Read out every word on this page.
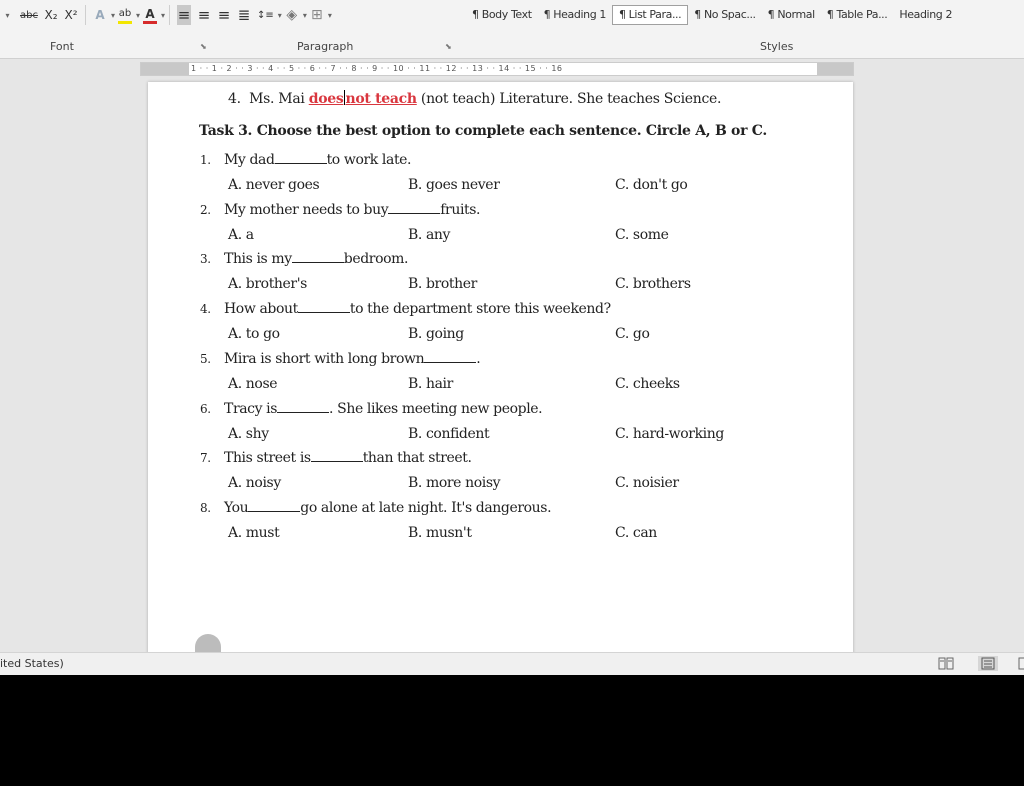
▾ abc X₂ X² A ▾ ab ▾ A ▾ ≡ ≡ ≡ ≣ ↕≡ ▾ ◈ ▾ ⊞ ▾	¶ Body Text	¶ Heading 1	¶ List Para...	¶ No Spac...	¶ Normal	¶ Table Pa...	Heading 2
Font	⬊	Paragraph	⬊	Styles
1 · · 1 · 2 · · 3 · · 4 · · 5 · · 6 · · 7 · · 8 · · 9 · · 10 · · 11 · · 12 · · 13 · · 14 · · 15 · · 16
4. Ms. Mai does not teach (not teach) Literature. She teaches Science.
Task 3. Choose the best option to complete each sentence. Circle A, B or C.
1. My dad	to work late.
A. never goes	B. goes never	C. don't go
2. My mother needs to buy	fruits.
A. a	B. any	C. some
3. This is my	bedroom.
A. brother's	B. brother	C. brothers
4. How about	to the department store this weekend?
A. to go	B. going	C. go
5. Mira is short with long brown	.
A. nose	B. hair	C. cheeks
6. Tracy is	. She likes meeting new people.
A. shy	B. confident	C. hard-working
7. This street is	than that street.
A. noisy	B. more noisy	C. noisier
8. You	go alone at late night. It's dangerous.
A. must	B. musn't	C. can
ited States)
